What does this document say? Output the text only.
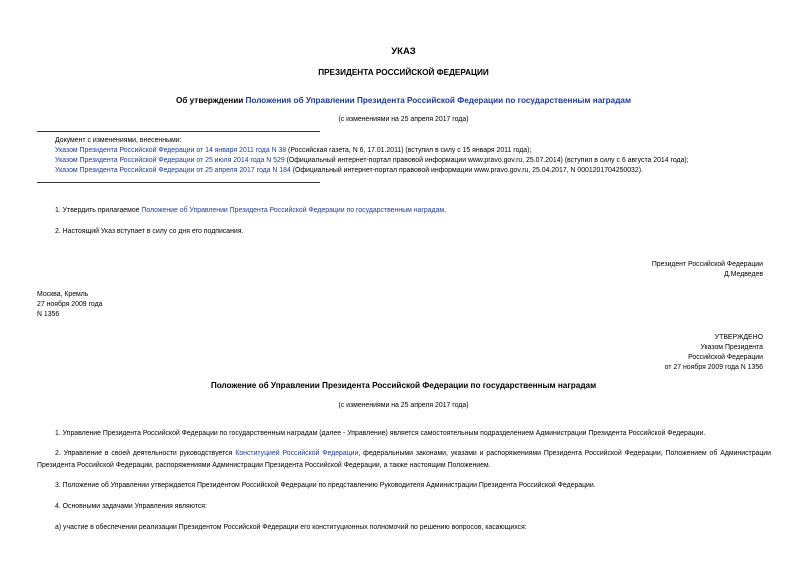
УКАЗ
ПРЕЗИДЕНТА РОССИЙСКОЙ ФЕДЕРАЦИИ
Об утверждении Положения об Управлении Президента Российской Федерации по государственным наградам
(с изменениями на 25 апреля 2017 года)
Документ с изменениями, внесенными:
Указом Президента Российской Федерации от 14 января 2011 года N 38 (Российская газета, N 6, 17.01.2011) (вступил в силу с 15 января 2011 года);
Указом Президента Российской Федерации от 25 июля 2014 года N 529 (Официальный интернет-портал правовой информации www.pravo.gov.ru, 25.07.2014) (вступил в силу с 6 августа 2014 года);
Указом Президента Российской Федерации от 25 апреля 2017 года N 184 (Официальный интернет-портал правовой информации www.pravo.gov.ru, 25.04.2017, N 0001201704250032).
1. Утвердить прилагаемое Положение об Управлении Президента Российской Федерации по государственным наградам.
2. Настоящий Указ вступает в силу со дня его подписания.
Президент Российской Федерации
Д.Медведев
Москва, Кремль
27 ноября 2009 года
N 1356
УТВЕРЖДЕНО
Указом Президента
Российской Федерации
от 27 ноября 2009 года N 1356
Положение об Управлении Президента Российской Федерации по государственным наградам
(с изменениями на 25 апреля 2017 года)
1. Управление Президента Российской Федерации по государственным наградам (далее - Управление) является самостоятельным подразделением Администрации Президента Российской Федерации.
2. Управление в своей деятельности руководствуется Конституцией Российской Федерации, федеральными законами, указами и распоряжениями Президента Российской Федерации, Положением об Администрации Президента Российской Федерации, распоряжениями Администрации Президента Российской Федерации, а также настоящим Положением.
3. Положение об Управлении утверждается Президентом Российской Федерации по представлению Руководителя Администрации Президента Российской Федерации.
4. Основными задачами Управления являются:
а) участие в обеспечении реализации Президентом Российской Федерации его конституционных полномочий по решению вопросов, касающихся:
